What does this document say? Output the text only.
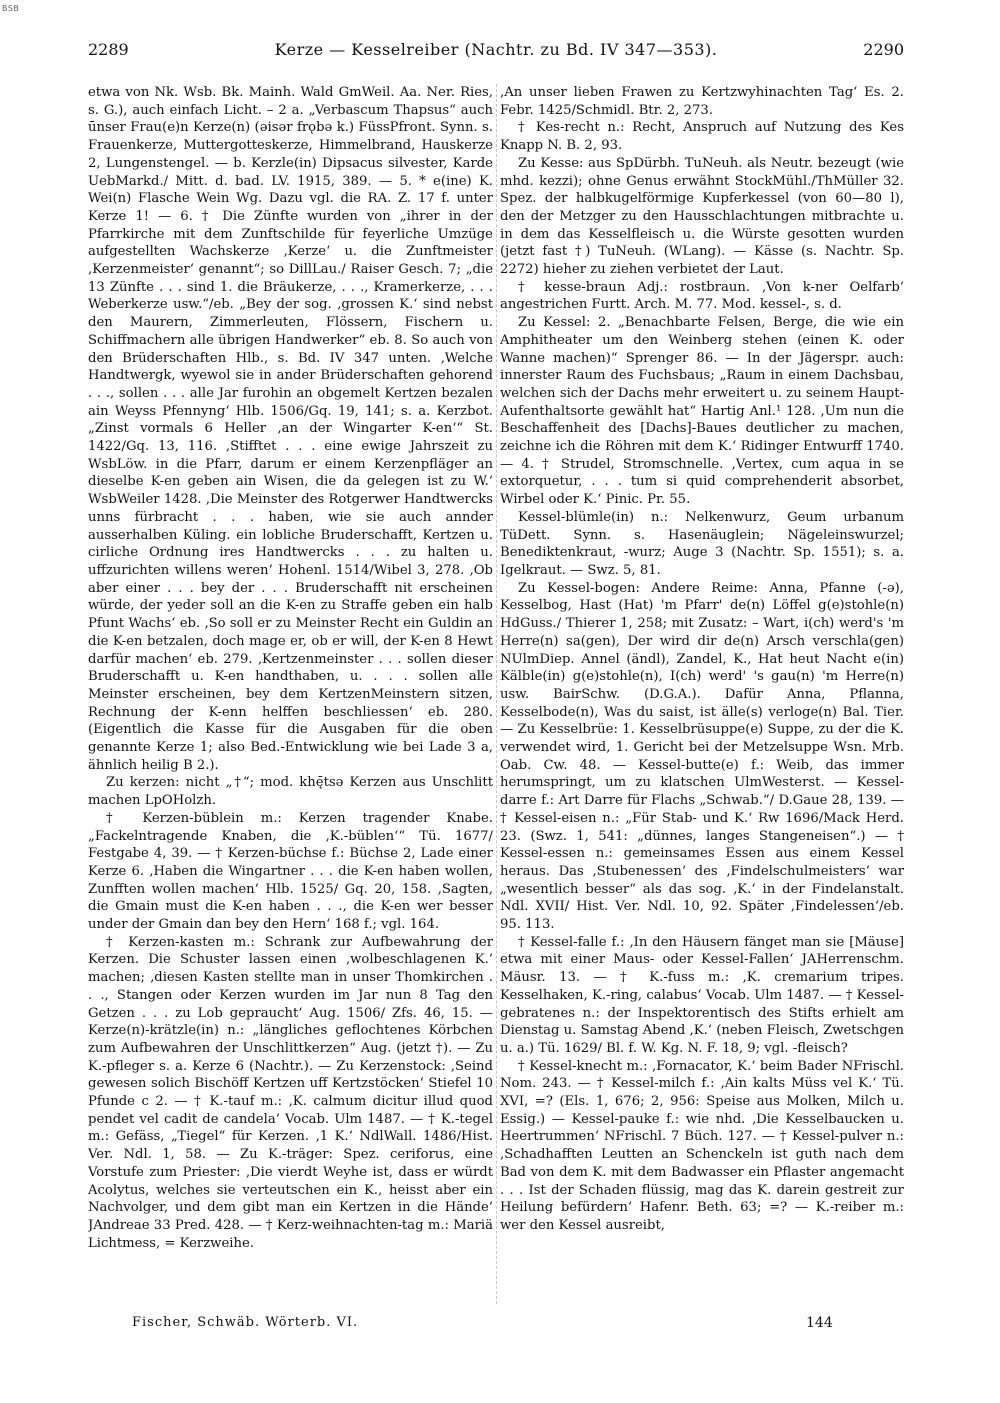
BSB
2289	Kerze — Kesselreiber (Nachtr. zu Bd. IV 347—353).	2290

etwa von Nk. Wsb. Bk. Mainh. Wald GmWeil. Aa. Ner. Ries, s. G.), auch einfach Licht. – 2 a. „Verbascum Thapsus“ auch ūnser Frau(e)n Kerze(n) (ǝisǝr frǫbǝ k.) FüssPfront. Synn. s. Frauenkerze, Muttergotteskerze, Himmelbrand, Hauskerze 2, Lungenstengel. — b. Kerzle(in) Dipsacus silvester, Karde UebMarkd./ Mitt. d. bad. LV. 1915, 389. — 5. * e(ine) K. Wei(n) Flasche Wein Wg. Dazu vgl. die RA. Z. 17 f. unter Kerze 1! — 6. † Die Zünfte wurden von „ihrer in der Pfarrkirche mit dem Zunftschilde für feyerliche Umzüge aufgestellten Wachskerze ‚Kerze‘ u. die Zunftmeister ‚Kerzenmeister‘ genannt“; so DillLau./ Raiser Gesch. 7; „die 13 Zünfte . . . sind 1. die Bräukerze, . . ., Kramerkerze, . . . Weberkerze usw.“/eb. „Bey der sog. ‚grossen K.‘ sind nebst den Maurern, Zimmerleuten, Flössern, Fischern u. Schiffmachern alle übrigen Handwerker“ eb. 8. So auch von den Brüderschaften Hlb., s. Bd. IV 347 unten. ‚Welche Handtwergk, wyewol sie in ander Brüderschaften gehorend . . ., sollen . . . alle Jar furohin an obgemelt Kertzen bezalen ain Weyss Pfennyng‘ Hlb. 1506/Gq. 19, 141; s. a. Kerzbot. „Zinst vormals 6 Heller ‚an der Wingarter K-en‘“ St. 1422/Gq. 13, 116. ‚Stifftet . . . eine ewige Jahrszeit zu WsbLöw. in die Pfarr, darum er einem Kerzenpfläger an dieselbe K-en geben ain Wisen, die da gelegen ist zu W.‘ WsbWeiler 1428. ‚Die Meinster des Rotgerwer Handtwercks unns fürbracht . . . haben, wie sie auch annder ausserhalben Küling. ein lobliche Bruderschafft, Kertzen u. cirliche Ordnung ires Handtwercks . . . zu halten u. uffzurichten willens weren‘ Hohenl. 1514/Wibel 3, 278. ‚Ob aber einer . . . bey der . . . Bruderschafft nit erscheinen würde, der yeder soll an die K-en zu Straffe geben ein halb Pfunt Wachs‘ eb. ‚So soll er zu Meinster Recht ein Guldin an die K-en betzalen, doch mage er, ob er will, der K-en 8 Hewt darfür machen‘ eb. 279. ‚Kertzenmeinster . . . sollen dieser Bruderschafft u. K-en handthaben, u. . . . sollen alle Meinster erscheinen, bey dem KertzenMeinstern sitzen, Rechnung der K-enn helffen beschliessen‘ eb. 280. (Eigentlich die Kasse für die Ausgaben für die oben genannte Kerze 1; also Bed.-Entwicklung wie bei Lade 3 a, ähnlich heilig B 2.).

Zu kerzen: nicht „†“; mod. khę̄tsə Kerzen aus Unschlitt machen LpOHolzh.

† Kerzen-büblein m.: Kerzen tragender Knabe. „Fackelntragende Knaben, die ‚K.-büblen‘“ Tü. 1677/ Festgabe 4, 39. — † Kerzen-büchse f.: Büchse 2, Lade einer Kerze 6. ‚Haben die Wingartner . . . die K-en haben wollen, Zunfften wollen machen‘ Hlb. 1525/ Gq. 20, 158. ‚Sagten, die Gmain must die K-en haben . . ., die K-en wer besser under der Gmain dan bey den Hern‘ 168 f.; vgl. 164.

† Kerzen-kasten m.: Schrank zur Aufbewahrung der Kerzen. Die Schuster lassen einen ‚wolbeschlagenen K.‘ machen; ‚diesen Kasten stellte man in unser Thomkirchen . . ., Stangen oder Kerzen wurden im Jar nun 8 Tag den Getzen . . . zu Lob gepraucht‘ Aug. 1506/ Zfs. 46, 15. — Kerze(n)-krätzle(in) n.: „längliches geflochtenes Körbchen zum Aufbewahren der Unschlittkerzen“ Aug. (jetzt †). — Zu K.-pfleger s. a. Kerze 6 (Nachtr.). — Zu Kerzenstock: ‚Seind gewesen solich Bischöff Kertzen uff Kertzstöcken‘ Stiefel 10 Pfunde c 2. — † K.-tauf m.: ‚K. calmum dicitur illud quod pendet vel cadit de candela‘ Vocab. Ulm 1487. — † K.-tegel m.: Gefäss, „Tiegel“ für Kerzen. ‚1 K.‘ NdlWall. 1486/Hist. Ver. Ndl. 1, 58. — Zu K.-träger: Spez. ceriforus, eine Vorstufe zum Priester: ‚Die vierdt Weyhe ist, dass er würdt Acolytus, welches sie verteutschen ein K., heisst aber ein Nachvolger, und dem gibt man ein Kertzen in die Hände‘ JAndreae 33 Pred. 428. — † Kerz-weihnachten-tag m.: Mariä Lichtmess, = Kerzweihe.

‚An unser lieben Frawen zu Kertzwyhinachten Tag‘ Es. 2. Febr. 1425/Schmidl. Btr. 2, 273.

† Kes-recht n.: Recht, Anspruch auf Nutzung des Kes Knapp N. B. 2, 93.

Zu Kesse: aus SpDürbh. TuNeuh. als Neutr. bezeugt (wie mhd. kezzi); ohne Genus erwähnt StockMühl./ThMüller 32. Spez. der halbkugelförmige Kupferkessel (von 60—80 l), den der Metzger zu den Hausschlachtungen mitbrachte u. in dem das Kesselfleisch u. die Würste gesotten wurden (jetzt fast †) TuNeuh. (WLang). — Kässe (s. Nachtr. Sp. 2272) hieher zu ziehen verbietet der Laut.

† kesse-braun Adj.: rostbraun. ‚Von k-ner Oelfarb‘ angestrichen Furtt. Arch. M. 77. Mod. kessel-, s. d.

Zu Kessel: 2. „Benachbarte Felsen, Berge, die wie ein Amphitheater um den Weinberg stehen (einen K. oder Wanne machen)“ Sprenger 86. — In der Jägerspr. auch: innerster Raum des Fuchsbaus; „Raum in einem Dachsbau, welchen sich der Dachs mehr erweitert u. zu seinem Haupt-Aufenthaltsorte gewählt hat“ Hartig Anl.¹ 128. ‚Um nun die Beschaffenheit des [Dachs]-Baues deutlicher zu machen, zeichne ich die Röhren mit dem K.‘ Ridinger Entwurff 1740. — 4. † Strudel, Stromschnelle. ‚Vertex, cum aqua in se extorquetur, . . . tum si quid comprehenderit absorbet, Wirbel oder K.‘ Pinic. Pr. 55.

Kessel-blümle(in) n.: Nelkenwurz, Geum urbanum TüDett. Synn. s. Hasenäuglein; Nägeleinswurzel; Benediktenkraut, -wurz; Auge 3 (Nachtr. Sp. 1551); s. a. Igelkraut. — Swz. 5, 81.

Zu Kessel-bogen: Andere Reime: Anna, Pfanne (-ə), Kesselbog, Hast (Hat) 'm Pfarr' de(n) Löffel g(e)stohle(n) HdGuss./ Thierer 1, 258; mit Zusatz: – Wart, i(ch) werd's 'm Herre(n) sa(gen), Der wird dir de(n) Arsch verschla(gen) NUlmDiep. Annel (ändl), Zandel, K., Hat heut Nacht e(in) Kälble(in) g(e)stohle(n), I(ch) werd' 's gau(n) 'm Herre(n) usw. BairSchw. (D.G.A.). Dafür Anna, Pflanna, Kesselbode(n), Was du saist, ist älle(s) verloge(n) Bal. Tier. — Zu Kesselbrüe: 1. Kesselbrüsuppe(e) Suppe, zu der die K. verwendet wird, 1. Gericht bei der Metzelsuppe Wsn. Mrb. Oab. Cw. 48. — Kessel-butte(e) f.: Weib, das immer herumspringt, um zu klatschen UlmWesterst. — Kessel-darre f.: Art Darre für Flachs „Schwab.“/ D.Gaue 28, 139. — † Kessel-eisen n.: „Für Stab- und K.‘ Rw 1696/Mack Herd. 23. (Swz. 1, 541: „dünnes, langes Stangeneisen“.) — † Kessel-essen n.: gemeinsames Essen aus einem Kessel heraus. Das ‚Stubenessen‘ des ‚Findelschulmeisters‘ war „wesentlich besser“ als das sog. ‚K.‘ in der Findelanstalt. Ndl. XVII/ Hist. Ver. Ndl. 10, 92. Später ‚Findelessen‘/eb. 95. 113.

† Kessel-falle f.: ‚In den Häusern fänget man sie [Mäuse] etwa mit einer Maus- oder Kessel-Fallen‘ JAHerrenschm. Mäusr. 13. — † K.-fuss m.: ‚K. cremarium tripes. Kesselhaken, K.-ring, calabus‘ Vocab. Ulm 1487. — † Kessel-gebratenes n.: der Inspektorentisch des Stifts erhielt am Dienstag u. Samstag Abend ‚K.‘ (neben Fleisch, Zwetschgen u. a.) Tü. 1629/ Bl. f. W. Kg. N. F. 18, 9; vgl. -fleisch?

† Kessel-knecht m.: ‚Fornacator, K.‘ beim Bader NFrischl. Nom. 243. — † Kessel-milch f.: ‚Ain kalts Müss vel K.‘ Tü. XVI, =? (Els. 1, 676; 2, 956: Speise aus Molken, Milch u. Essig.) — Kessel-pauke f.: wie nhd. ‚Die Kesselbaucken u. Heertrummen‘ NFrischl. 7 Büch. 127. — † Kessel-pulver n.: ‚Schadhafften Leutten an Schenckeln ist guth nach dem Bad von dem K. mit dem Badwasser ein Pflaster angemacht . . . Ist der Schaden flüssig, mag das K. darein gestreit zur Heilung befürdern‘ Hafenr. Beth. 63; =? — K.-reiber m.: wer den Kessel ausreibt,

Fischer, Schwäb. Wörterb. VI.	144
